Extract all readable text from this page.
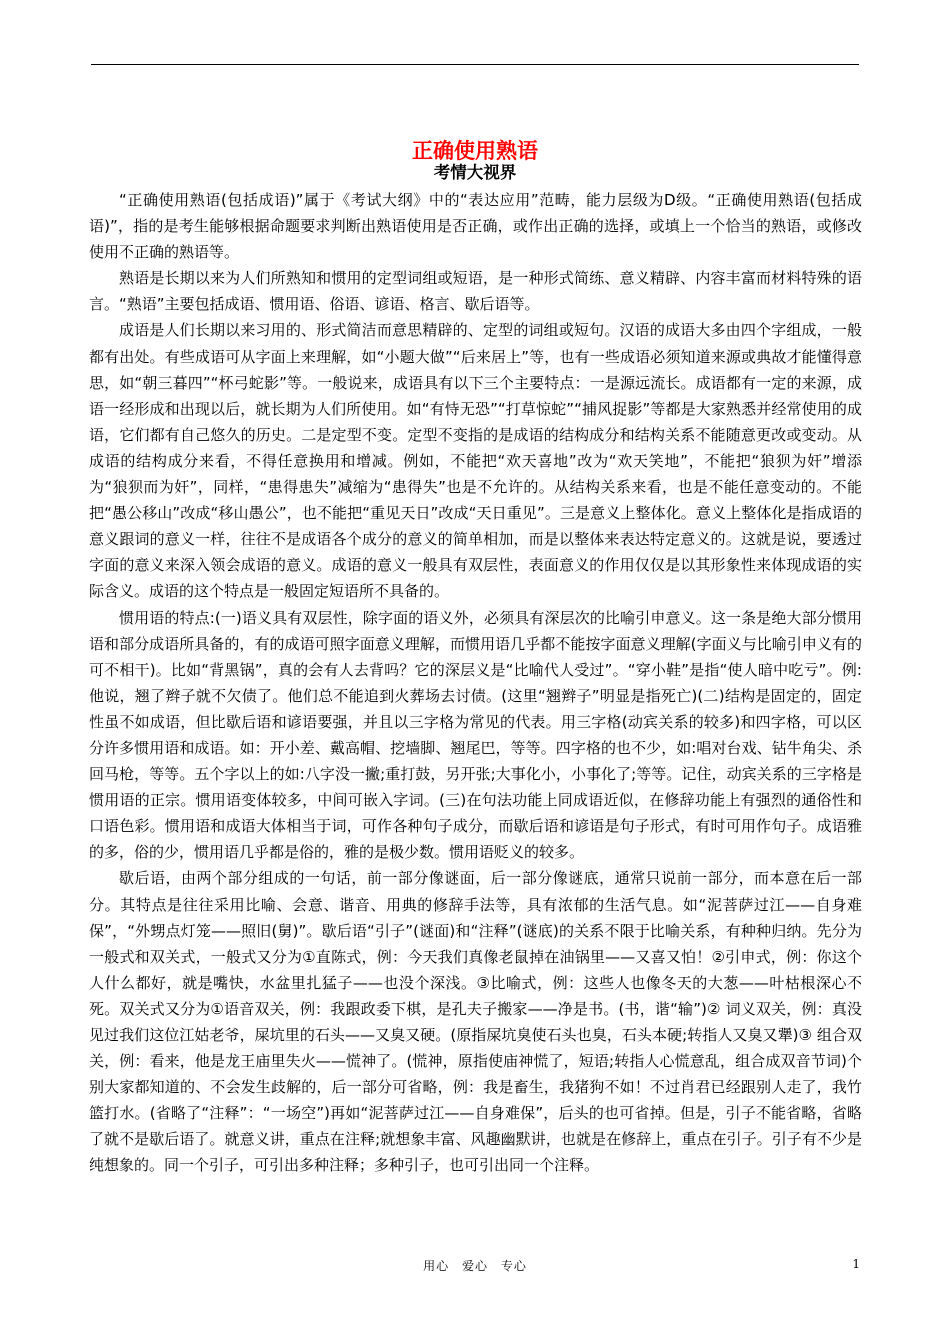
正确使用熟语
考情大视界

“正确使用熟语(包括成语)”属于《考试大纲》中的“表达应用”范畴，能力层级为D级。“正确使用熟语(包括成语)”，指的是考生能够根据命题要求判断出熟语使用是否正确，或作出正确的选择，或填上一个恰当的熟语，或修改使用不正确的熟语等。

熟语是长期以来为人们所熟知和惯用的定型词组或短语，是一种形式简练、意义精辟、内容丰富而材料特殊的语言。“熟语”主要包括成语、惯用语、俗语、谚语、格言、歇后语等。

成语是人们长期以来习用的、形式简洁而意思精辟的、定型的词组或短句。汉语的成语大多由四个字组成，一般都有出处。有些成语可从字面上来理解，如“小题大做”“后来居上”等，也有一些成语必须知道来源或典故才能懂得意思，如“朝三暮四”“杯弓蛇影”等。一般说来，成语具有以下三个主要特点：一是源远流长。成语都有一定的来源，成语一经形成和出现以后，就长期为人们所使用。如“有恃无恐”“打草惊蛇”“捕风捉影”等都是大家熟悉并经常使用的成语，它们都有自己悠久的历史。二是定型不变。定型不变指的是成语的结构成分和结构关系不能随意更改或变动。从成语的结构成分来看，不得任意换用和增减。例如，不能把“欢天喜地”改为“欢天笑地”，不能把“狼狈为奸”增添为“狼狈而为奸”，同样，“患得患失”减缩为“患得失”也是不允许的。从结构关系来看，也是不能任意变动的。不能把“愚公移山”改成“移山愚公”，也不能把“重见天日”改成“天日重见”。三是意义上整体化。意义上整体化是指成语的意义跟词的意义一样，往往不是成语各个成分的意义的简单相加，而是以整体来表达特定意义的。这就是说，要透过字面的意义来深入领会成语的意义。成语的意义一般具有双层性，表面意义的作用仅仅是以其形象性来体现成语的实际含义。成语的这个特点是一般固定短语所不具备的。

惯用语的特点:(一)语义具有双层性，除字面的语义外，必须具有深层次的比喻引申意义。这一条是绝大部分惯用语和部分成语所具备的，有的成语可照字面意义理解，而惯用语几乎都不能按字面意义理解(字面义与比喻引申义有的可不相干)。比如“背黑锅”，真的会有人去背吗？它的深层义是“比喻代人受过”。“穿小鞋”是指“使人暗中吃亏”。例:他说，翘了辫子就不欠债了。他们总不能追到火葬场去讨债。(这里“翘辫子”明显是指死亡)(二)结构是固定的，固定性虽不如成语，但比歇后语和谚语要强，并且以三字格为常见的代表。用三字格(动宾关系的较多)和四字格，可以区分许多惯用语和成语。如：开小差、戴高帽、挖墙脚、翘尾巴，等等。四字格的也不少，如:唱对台戏、钻牛角尖、杀回马枪，等等。五个字以上的如:八字没一撇;重打鼓，另开张;大事化小，小事化了;等等。记住，动宾关系的三字格是惯用语的正宗。惯用语变体较多，中间可嵌入字词。(三)在句法功能上同成语近似，在修辞功能上有强烈的通俗性和口语色彩。惯用语和成语大体相当于词，可作各种句子成分，而歇后语和谚语是句子形式，有时可用作句子。成语雅的多，俗的少，惯用语几乎都是俗的，雅的是极少数。惯用语贬义的较多。

歇后语，由两个部分组成的一句话，前一部分像谜面，后一部分像谜底，通常只说前一部分，而本意在后一部分。其特点是往往采用比喻、会意、谐音、用典的修辞手法等，具有浓郁的生活气息。如“泥菩萨过江——自身难保”，“外甥点灯笼——照旧(舅)”。歇后语“引子”(谜面)和“注释”(谜底)的关系不限于比喻关系，有种种归纳。先分为一般式和双关式，一般式又分为①直陈式，例：今天我们真像老鼠掉在油锅里——又喜又怕！②引申式，例：你这个人什么都好，就是嘴快，水盆里扎猛子——也没个深浅。③比喻式，例：这些人也像冬天的大葱——叶枯根深心不死。双关式又分为①语音双关，例：我跟政委下棋，是孔夫子搬家——净是书。(书，谐“输”)② 词义双关，例：真没见过我们这位江姑老爷，屎坑里的石头——又臭又硬。(原指屎坑臭使石头也臭，石头本硬;转指人又臭又犟)③ 组合双关，例：看来，他是龙王庙里失火——慌神了。(慌神，原指使庙神慌了，短语;转指人心慌意乱，组合成双音节词)个别大家都知道的、不会发生歧解的，后一部分可省略，例：我是畜生，我猪狗不如！不过肖君已经跟别人走了，我竹篮打水。(省略了“注释”：“一场空”)再如“泥菩萨过江——自身难保”，后头的也可省掉。但是，引子不能省略，省略了就不是歇后语了。就意义讲，重点在注释;就想象丰富、风趣幽默讲，也就是在修辞上，重点在引子。引子有不少是纯想象的。同一个引子，可引出多种注释；多种引子，也可引出同一个注释。

用心 爱心 专心	1
